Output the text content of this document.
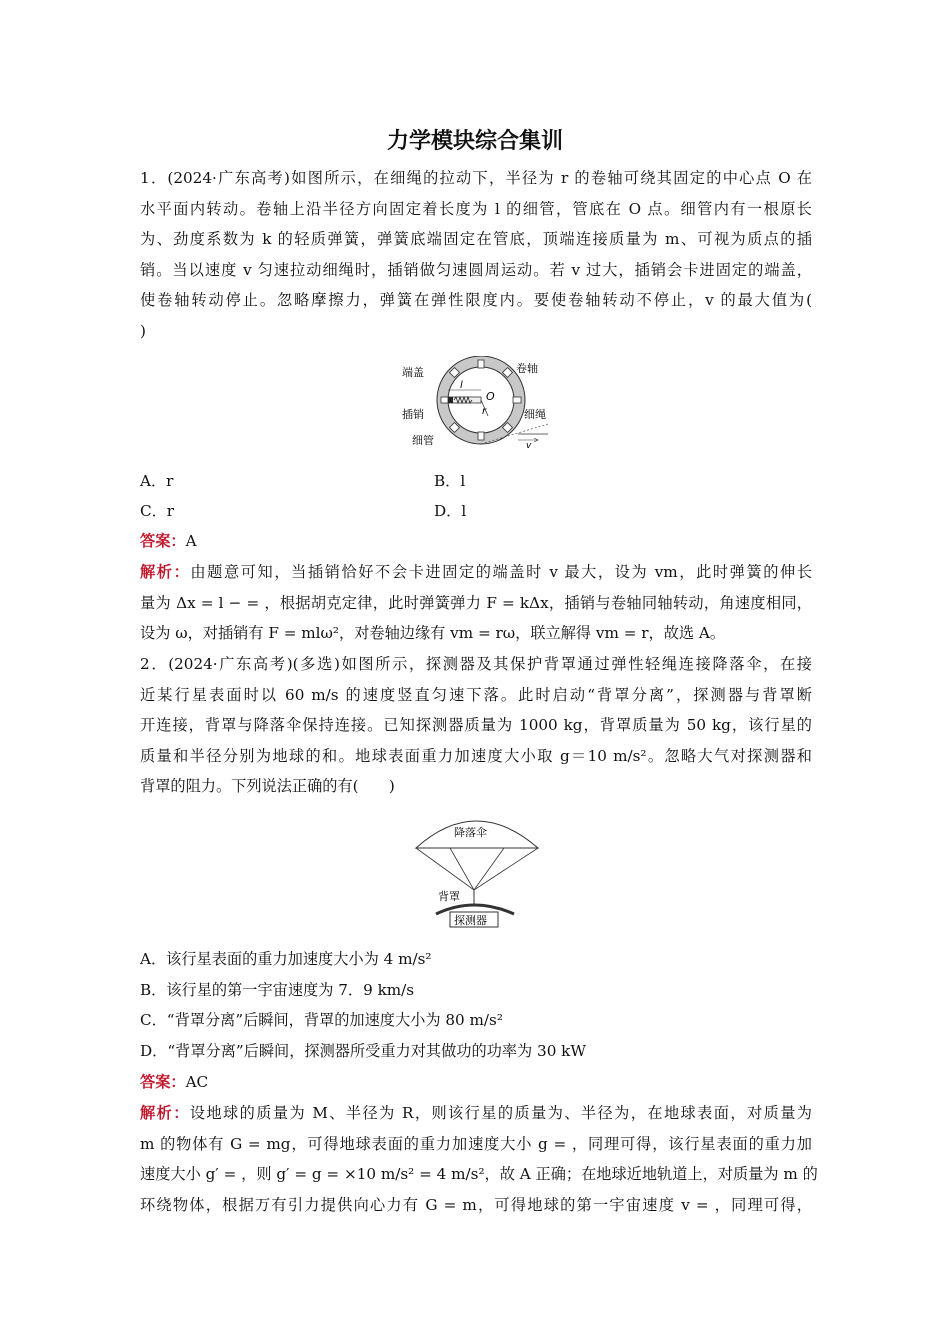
力学模块综合集训
1．(2024·广东高考)如图所示，在细绳的拉动下，半径为 r 的卷轴可绕其固定的中心点 O 在
水平面内转动。卷轴上沿半径方向固定着长度为 l 的细管，管底在 O 点。细管内有一根原长
为、劲度系数为 k 的轻质弹簧，弹簧底端固定在管底，顶端连接质量为 m、可视为质点的插
销。当以速度 v 匀速拉动细绳时，插销做匀速圆周运动。若 v 过大，插销会卡进固定的端盖，
使卷轴转动停止。忽略摩擦力，弹簧在弹性限度内。要使卷轴转动不停止，v 的最大值为(
)
端盖	卷轴
插销
细管
细绳
l
r
O
v
A．r	B．l
C．r	D．l
答案：A
解析：由题意可知，当插销恰好不会卡进固定的端盖时 v 最大，设为 vm，此时弹簧的伸长
量为 Δx = l − = ，根据胡克定律，此时弹簧弹力 F = kΔx，插销与卷轴同轴转动，角速度相同，
设为 ω，对插销有 F = mlω²，对卷轴边缘有 vm = rω，联立解得 vm = r，故选 A。
2．(2024·广东高考)(多选)如图所示，探测器及其保护背罩通过弹性轻绳连接降落伞，在接
近某行星表面时以 60 m/s 的速度竖直匀速下落。此时启动“背罩分离”，探测器与背罩断
开连接，背罩与降落伞保持连接。已知探测器质量为 1000 kg，背罩质量为 50 kg，该行星的
质量和半径分别为地球的和。地球表面重力加速度大小取 g＝10 m/s²。忽略大气对探测器和
背罩的阻力。下列说法正确的有(　　)
降落伞
背罩
探测器
A．该行星表面的重力加速度大小为 4 m/s²
B．该行星的第一宇宙速度为 7．9 km/s
C．“背罩分离”后瞬间，背罩的加速度大小为 80 m/s²
D．“背罩分离”后瞬间，探测器所受重力对其做功的功率为 30 kW
答案：AC
解析：设地球的质量为 M、半径为 R，则该行星的质量为、半径为，在地球表面，对质量为
m 的物体有 G = mg，可得地球表面的重力加速度大小 g = ，同理可得，该行星表面的重力加
速度大小 g′ = ，则 g′ = g = ×10 m/s² = 4 m/s²，故 A 正确；在地球近地轨道上，对质量为 m 的
环绕物体，根据万有引力提供向心力有 G = m，可得地球的第一宇宙速度 v = ，同理可得，
